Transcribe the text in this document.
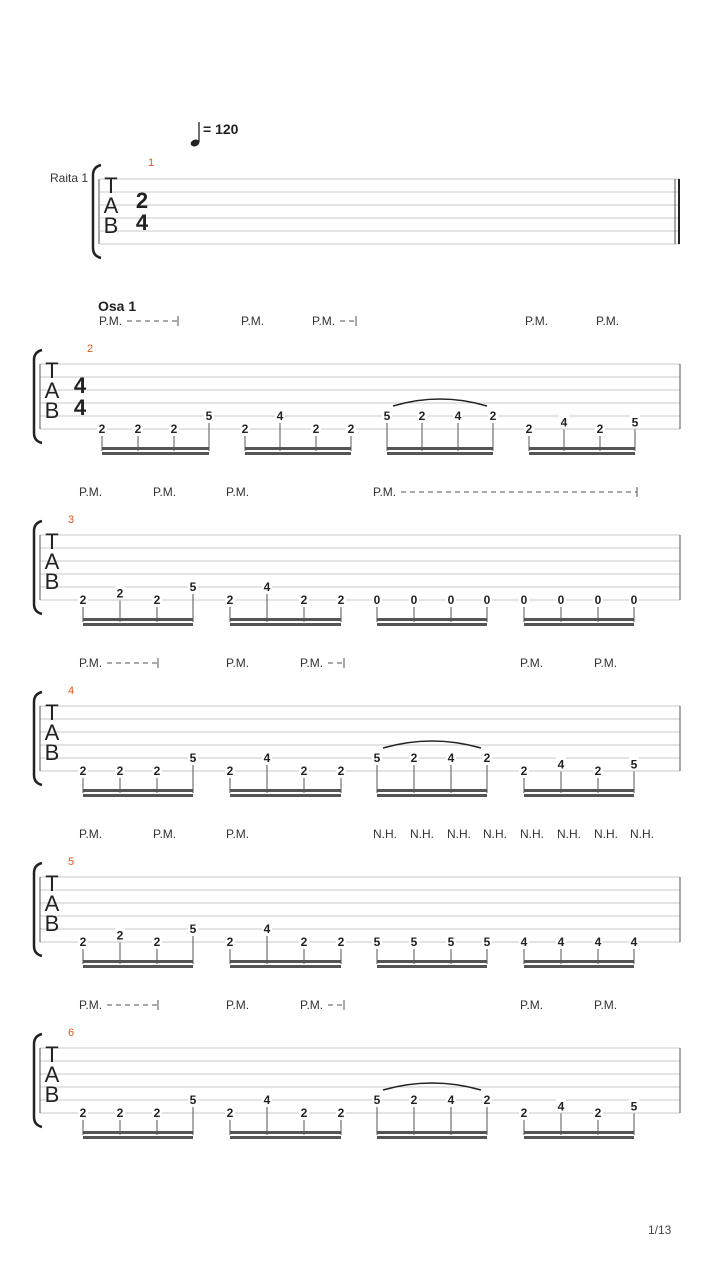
= 120
Raita 1
Osa 1
1/13
1
T
A
B
2
4
2
T
A
B
4
4
P.M.	P.M.	P.M.	P.M.	P.M.
2 2 2
5
2
4
2 2
5 2 4 2
2 4 2 5
3
T
A
B
P.M.	P.M.	P.M.	P.M.
2	2	2
5
2
4
2	2 0	0	0 0	0	0	0 0
4
T
A
B
P.M.	P.M.	P.M.	P.M.	P.M.
2	2	2
5
2
4
2	2
5	2	4 2
2	4	2 5
5
T
A
B
P.M.	P.M.	P.M.	N.H. N.H. N.H. N.H. N.H. N.H. N.H. N.H.
2	2	2
5
2
4
2	2 5	5	5 5	4	4	4 4
6
T
A
B
P.M.	P.M.	P.M.	P.M.	P.M.
2	2	2
5
2
4
2	2
5	2	4 2
2	4	2 5
